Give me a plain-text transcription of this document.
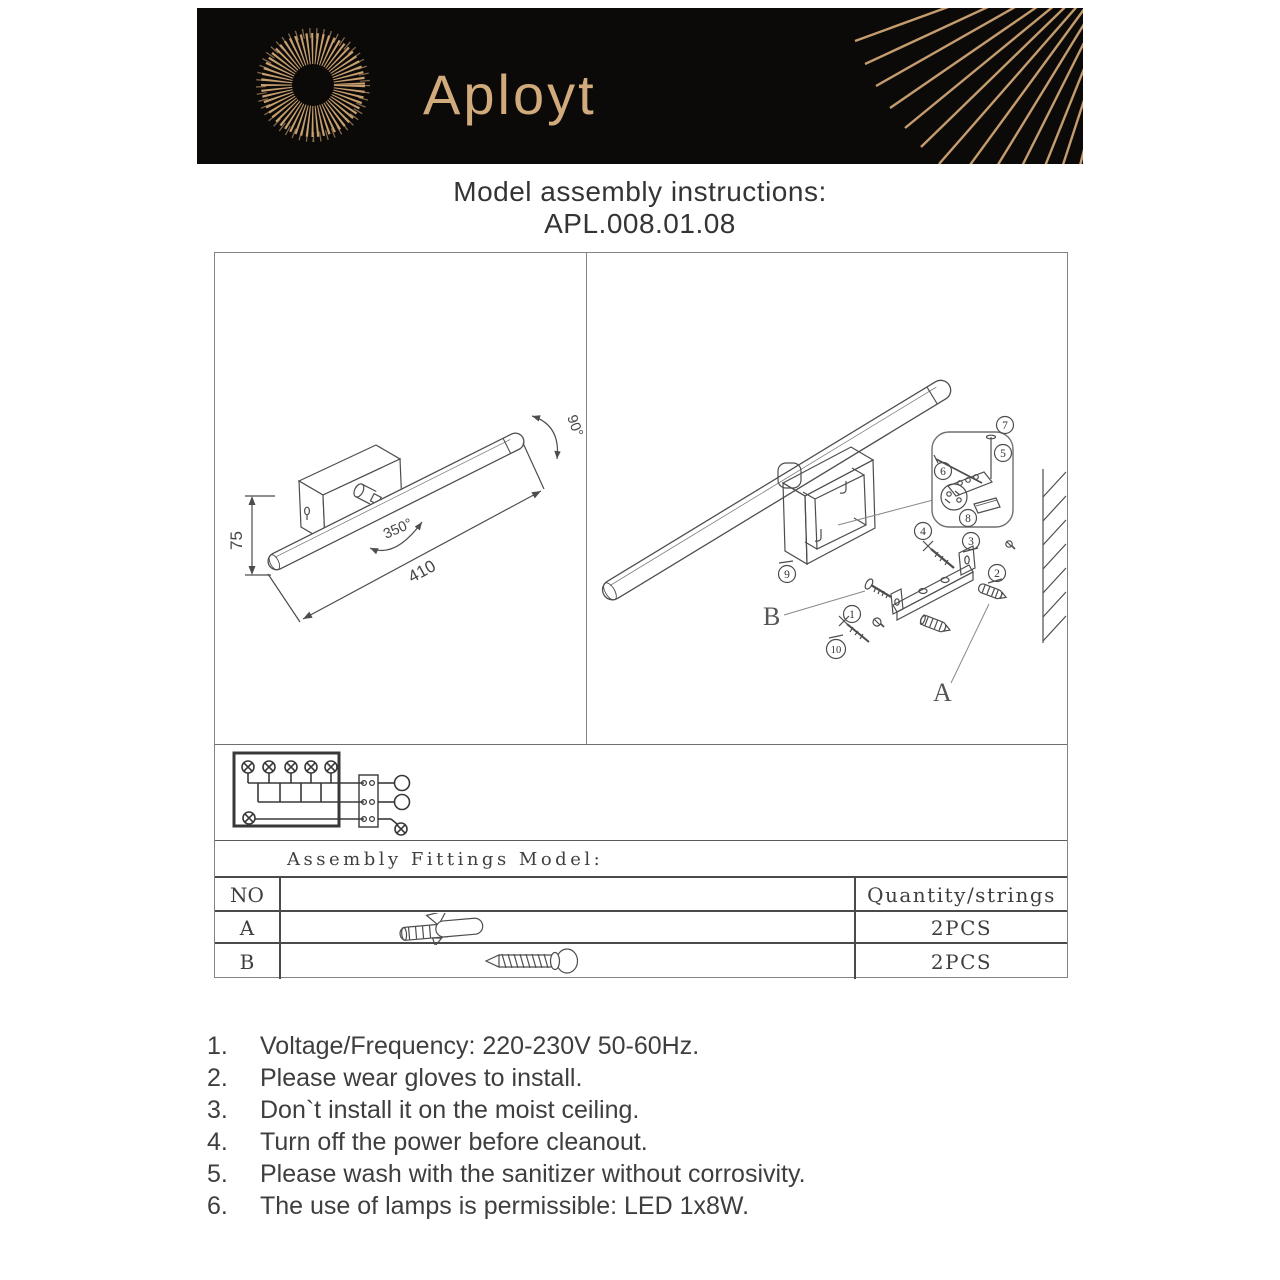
Aployt
Model assembly instructions:
APL.008.01.08
75
410
350°
90°
1
2
3
4
5
6
7
8
9
10
B
A
Assembly Fittings Model:
NO	Quantity/strings
A	2PCS
B	2PCS
1.	Voltage/Frequency: 220-230V 50-60Hz.
2.	Please wear gloves to install.
3.	Don`t install it on the moist ceiling.
4.	Turn off the power before cleanout.
5.	Please wash with the sanitizer without corrosivity.
6.	The use of lamps is permissible: LED 1x8W.
